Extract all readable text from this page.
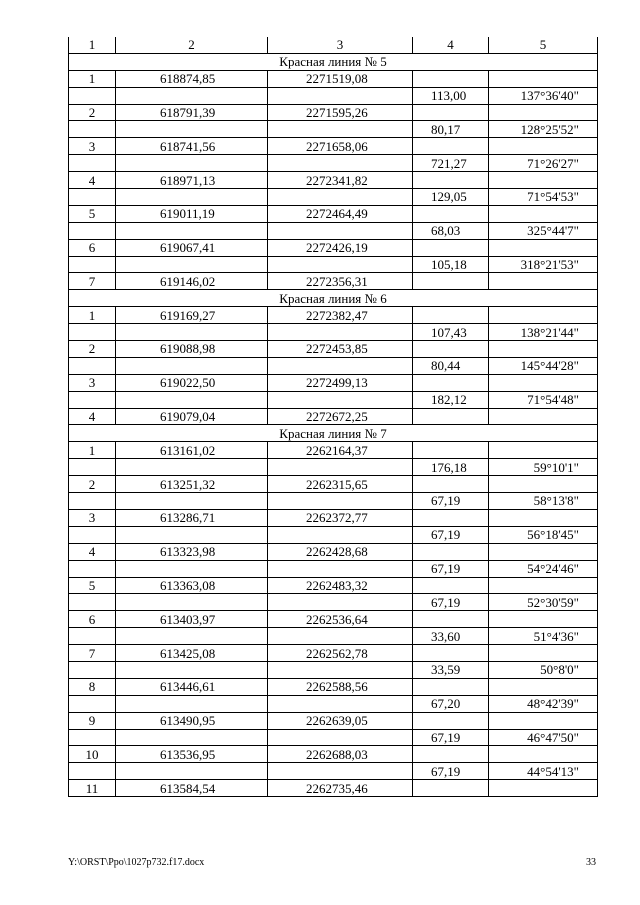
1	2	3	4	5
Красная линия № 5				
1	618874,85	2271519,08		
			113,00	137°36'40"
2	618791,39	2271595,26		
			80,17	128°25'52"
3	618741,56	2271658,06		
			721,27	71°26'27"
4	618971,13	2272341,82		
			129,05	71°54'53"
5	619011,19	2272464,49		
			68,03	325°44'7"
6	619067,41	2272426,19		
			105,18	318°21'53"
7	619146,02	2272356,31		
Красная линия № 6				
1	619169,27	2272382,47		
			107,43	138°21'44"
2	619088,98	2272453,85		
			80,44	145°44'28"
3	619022,50	2272499,13		
			182,12	71°54'48"
4	619079,04	2272672,25		
Красная линия № 7				
1	613161,02	2262164,37		
			176,18	59°10'1"
2	613251,32	2262315,65		
			67,19	58°13'8"
3	613286,71	2262372,77		
			67,19	56°18'45"
4	613323,98	2262428,68		
			67,19	54°24'46"
5	613363,08	2262483,32		
			67,19	52°30'59"
6	613403,97	2262536,64		
			33,60	51°4'36"
7	613425,08	2262562,78		
			33,59	50°8'0"
8	613446,61	2262588,56		
			67,20	48°42'39"
9	613490,95	2262639,05		
			67,19	46°47'50"
10	613536,95	2262688,03		
			67,19	44°54'13"
11	613584,54	2262735,46		
Y:\ORST\Ppo\1027p732.f17.docx	33
